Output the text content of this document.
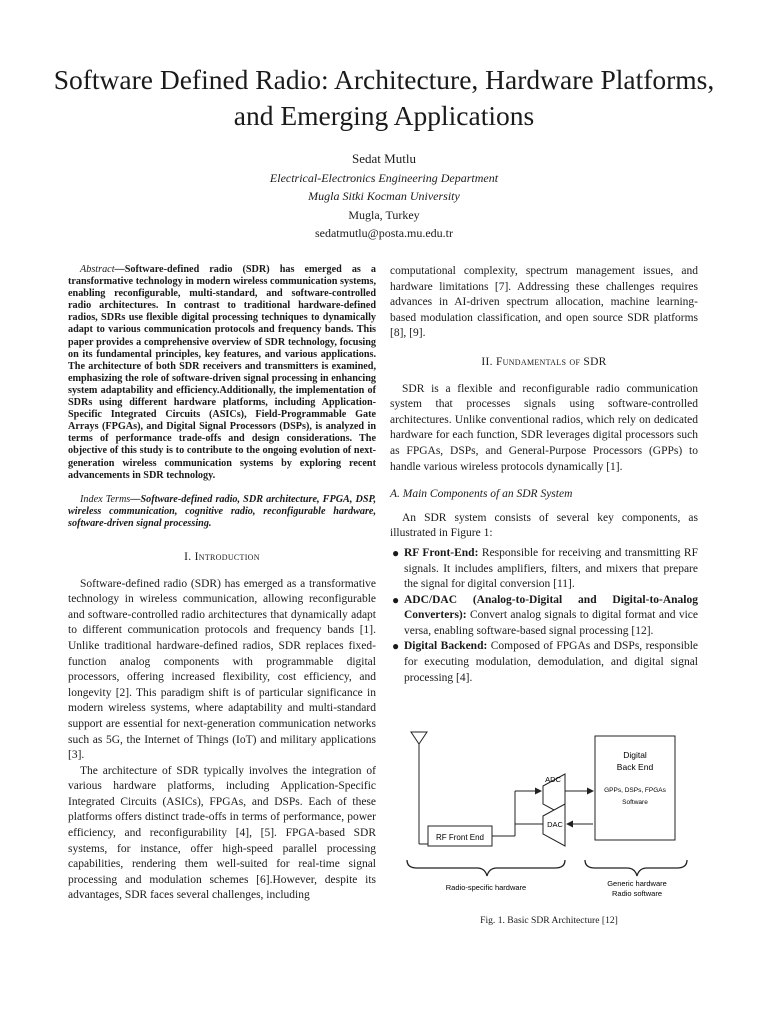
Software Defined Radio: Architecture, Hardware Platforms, and Emerging Applications
Sedat Mutlu
Electrical-Electronics Engineering Department
Mugla Sitki Kocman University
Mugla, Turkey
sedatmutlu@posta.mu.edu.tr

Abstract—Software-defined radio (SDR) has emerged as a transformative technology in modern wireless communication systems, enabling reconfigurable, multi-standard, and software-controlled radio architectures. In contrast to traditional hardware-defined radios, SDRs use flexible digital processing techniques to dynamically adapt to various communication protocols and frequency bands. This paper provides a comprehensive overview of SDR technology, focusing on its fundamental principles, key features, and various applications. The architecture of both SDR receivers and transmitters is examined, emphasizing the role of software-driven signal processing in enhancing system adaptability and efficiency.Additionally, the implementation of SDRs using different hardware platforms, including Application-Specific Integrated Circuits (ASICs), Field-Programmable Gate Arrays (FPGAs), and Digital Signal Processors (DSPs), is analyzed in terms of performance trade-offs and design considerations. The objective of this study is to contribute to the ongoing evolution of next-generation wireless communication systems by exploring recent advancements in SDR technology.

Index Terms—Software-defined radio, SDR architecture, FPGA, DSP, wireless communication, cognitive radio, reconfigurable hardware, software-driven signal processing.

I. Introduction

Software-defined radio (SDR) has emerged as a transformative technology in wireless communication, allowing reconfigurable and software-controlled radio architectures that dynamically adapt to different communication protocols and frequency bands [1]. Unlike traditional hardware-defined radios, SDR replaces fixed-function analog components with programmable digital processors, offering increased flexibility, cost efficiency, and longevity [2]. This paradigm shift is of particular significance in modern wireless systems, where adaptability and multi-standard support are essential for next-generation communication networks such as 5G, the Internet of Things (IoT) and military applications [3].

The architecture of SDR typically involves the integration of various hardware platforms, including Application-Specific Integrated Circuits (ASICs), FPGAs, and DSPs. Each of these platforms offers distinct trade-offs in terms of performance, power efficiency, and reconfigurability [4], [5]. FPGA-based SDR systems, for instance, offer high-speed parallel processing capabilities, rendering them well-suited for real-time signal processing and modulation schemes [6].However, despite its advantages, SDR faces several challenges, including

computational complexity, spectrum management issues, and hardware limitations [7]. Addressing these challenges requires advances in AI-driven spectrum allocation, machine learning-based modulation classification, and open source SDR platforms [8], [9].

II. Fundamentals of SDR

SDR is a flexible and reconfigurable radio communication system that processes signals using software-controlled architectures. Unlike conventional radios, which rely on dedicated hardware for each function, SDR leverages digital processors such as FPGAs, DSPs, and General-Purpose Processors (GPPs) to handle various wireless protocols dynamically [1].

A. Main Components of an SDR System

An SDR system consists of several key components, as illustrated in Figure 1:

● RF Front-End: Responsible for receiving and transmitting RF signals. It includes amplifiers, filters, and mixers that prepare the signal for digital conversion [11].
● ADC/DAC (Analog-to-Digital and Digital-to-Analog Converters): Convert analog signals to digital format and vice versa, enabling software-based signal processing [12].
● Digital Backend: Composed of FPGAs and DSPs, responsible for executing modulation, demodulation, and digital signal processing [4].
RF Front End
ADC
DAC
Digital
Back End
GPPs, DSPs, FPGAs
Software
Radio-specific hardware	Generic hardware
Radio software
Fig. 1. Basic SDR Architecture [12]
